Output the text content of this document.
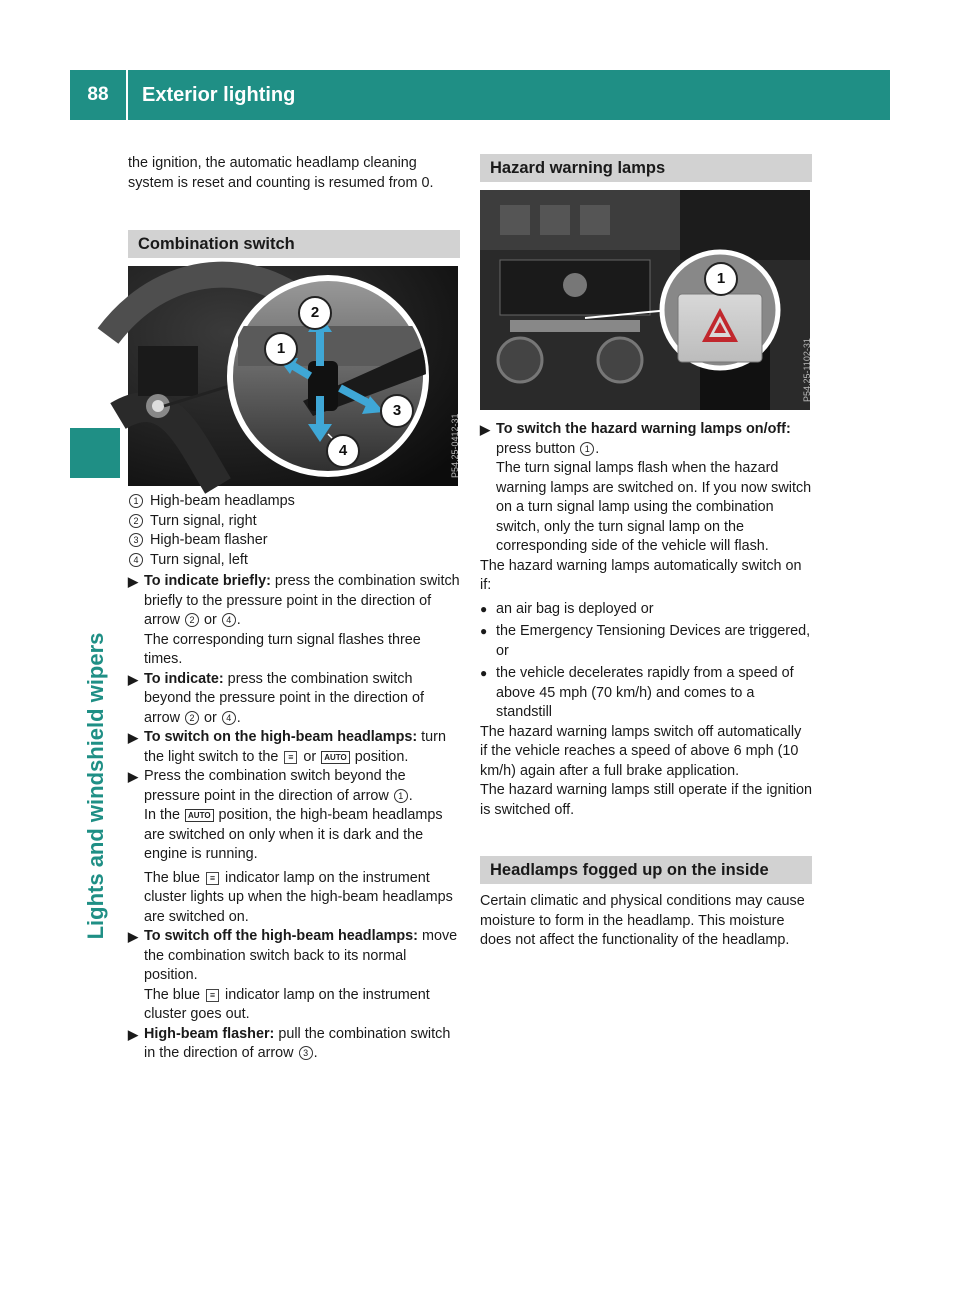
88	Exterior lighting
Lights and windshield wipers

the ignition, the automatic headlamp cleaning system is reset and counting is resumed from 0.

Combination switch
1
2
3
4	P54.25-0412-31
1 High-beam headlamps
2 Turn signal, right
3 High-beam flasher
4 Turn signal, left
▶ To indicate briefly: press the combination switch briefly to the pressure point in the direction of arrow 2 or 4 .

The corresponding turn signal flashes three times.

▶ To indicate: press the combination switch beyond the pressure point in the direction of arrow 2 or 4 .

▶ To switch on the high-beam headlamps: turn the light switch to the ≡ or AUTO position.

▶ Press the combination switch beyond the pressure point in the direction of arrow 1 .

In the AUTO position, the high-beam headlamps are switched on only when it is dark and the engine is running.

The blue ≡ indicator lamp on the instrument cluster lights up when the high-beam headlamps are switched on.

▶ To switch off the high-beam headlamps: move the combination switch back to its normal position.

The blue ≡ indicator lamp on the instrument cluster goes out.

▶ High-beam flasher: pull the combination switch in the direction of arrow 3 .

Hazard warning lamps
1
P54.25-1102-31
▶ To switch the hazard warning lamps on/off: press button 1 .

The turn signal lamps flash when the hazard warning lamps are switched on. If you now switch on a turn signal lamp using the combination switch, only the turn signal lamp on the corresponding side of the vehicle will flash.

The hazard warning lamps automatically switch on if:

● an air bag is deployed or
● the Emergency Tensioning Devices are triggered, or
● the vehicle decelerates rapidly from a speed of above 45 mph (70 km/h) and comes to a standstill

The hazard warning lamps switch off automatically if the vehicle reaches a speed of above 6 mph (10 km/h) again after a full brake application.

The hazard warning lamps still operate if the ignition is switched off.

Headlamps fogged up on the inside

Certain climatic and physical conditions may cause moisture to form in the headlamp. This moisture does not affect the functionality of the headlamp.
